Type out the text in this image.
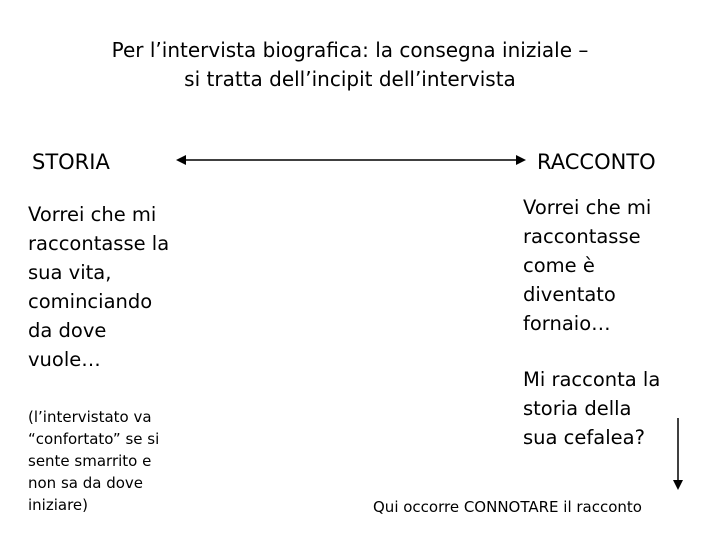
Per l’intervista biografica: la consegna iniziale –
si tratta dell’incipit dell’intervista
STORIA	RACCONTO
Vorrei che mi
raccontasse la
sua vita,
cominciando
da dove
vuole…
(l’intervistato va
“confortato” se si
sente smarrito e
non sa da dove
iniziare)
Vorrei che mi
raccontasse
come è
diventato
fornaio…
Mi racconta la
storia della
sua cefalea?
Qui occorre CONNOTARE il racconto
